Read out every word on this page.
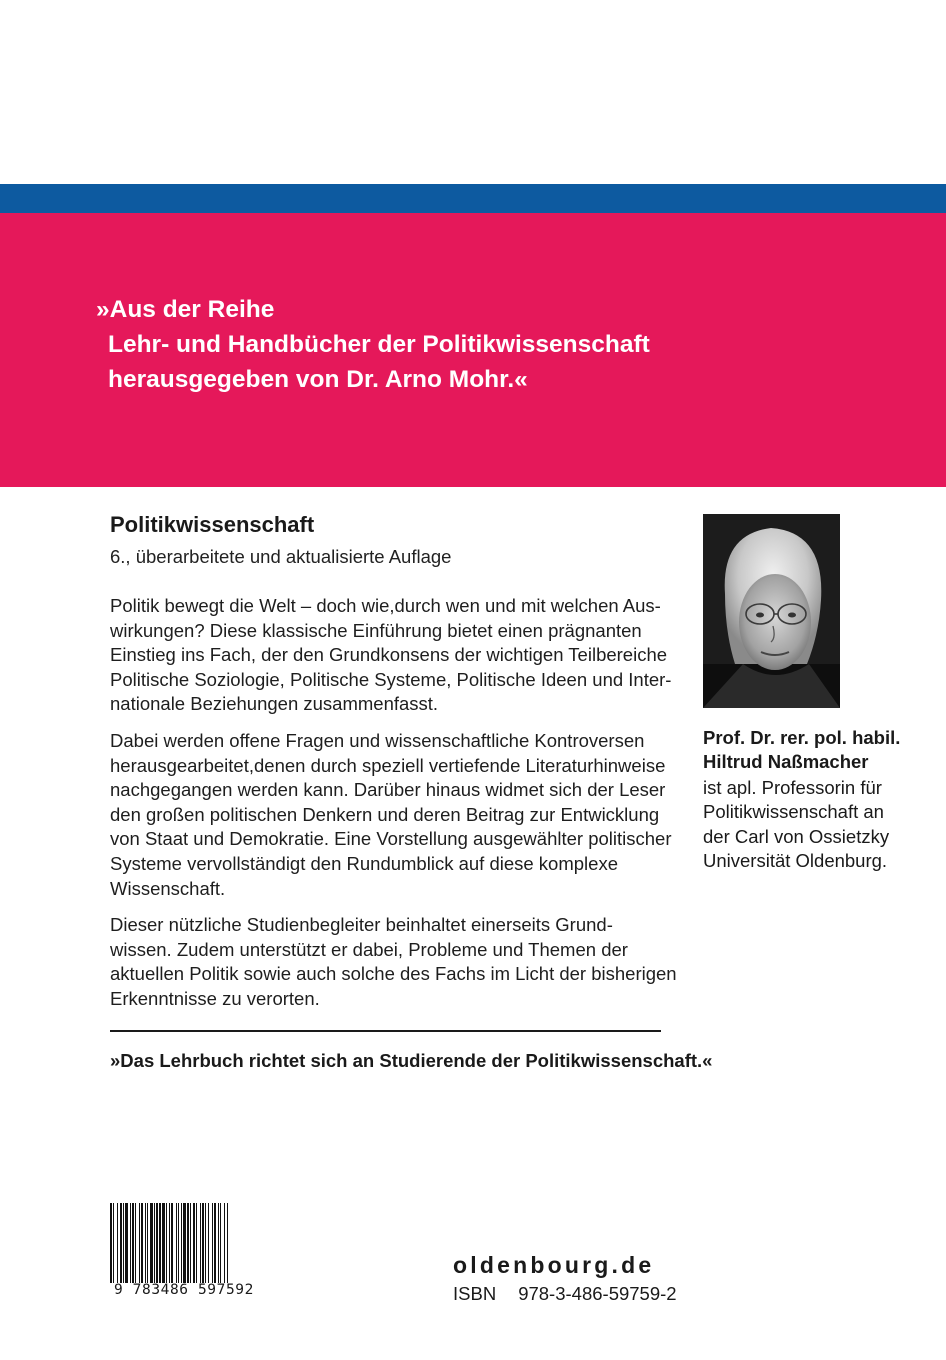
»Aus der Reihe
Lehr- und Handbücher der Politikwissenschaft
herausgegeben von Dr. Arno Mohr.«
Politikwissenschaft
6., überarbeitete und aktualisierte Auflage

Politik bewegt die Welt – doch wie,durch wen und mit welchen Aus-
wirkungen? Diese klassische Einführung bietet einen prägnanten
Einstieg ins Fach, der den Grundkonsens der wichtigen Teilbereiche
Politische Soziologie, Politische Systeme, Politische Ideen und Inter-
nationale Beziehungen zusammenfasst.

Dabei werden offene Fragen und wissenschaftliche Kontroversen
herausgearbeitet,denen durch speziell vertiefende Literaturhinweise
nachgegangen werden kann. Darüber hinaus widmet sich der Leser
den großen politischen Denkern und deren Beitrag zur Entwicklung
von Staat und Demokratie. Eine Vorstellung ausgewählter politischer
Systeme vervollständigt den Rundumblick auf diese komplexe
Wissenschaft.

Dieser nützliche Studienbegleiter beinhaltet einerseits Grund-
wissen. Zudem unterstützt er dabei, Probleme und Themen der
aktuellen Politik sowie auch solche des Fachs im Licht der bisherigen
Erkenntnisse zu verorten.

»Das Lehrbuch richtet sich an Studierende der Politikwissenschaft.«
Prof. Dr. rer. pol. habil.
Hiltrud Naßmacher
ist apl. Professorin für
Politikwissenschaft an
der Carl von Ossietzky
Universität Oldenburg.
9 783486 597592
oldenbourg.de
ISBN 978-3-486-59759-2
